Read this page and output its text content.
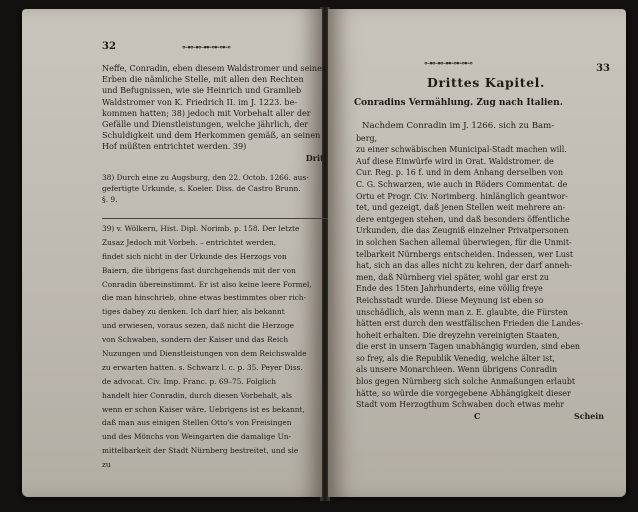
32	⊶⊶⊶⊷⊷⊷
Neffe, Conradin, eben diesem Waldstromer und seinen
Erben die nämliche Stelle, mit allen den Rechten
und Befugnissen, wie sie Heinrich und Gramlieb
Waldstromer von K. Friedrich II. im J. 1223. be-
kommen hatten; 38) jedoch mit Vorbehalt aller der
Gefälle und Dienstleistungen, welche jährlich, der
Schuldigkeit und dem Herkommen gemäß, an seinen
Hof müßten entrichtet werden. 39)
Drit-
38) Durch eine zu Augsburg, den 22. Octob. 1266. aus-
gefertigte Urkunde, s. Koeler. Diss. de Castro Brunn.
§. 9.
39) v. Wölkern, Hist. Dipl. Norimb. p. 158. Der letzte
Zusaz Jedoch mit Vorbeh. – entrichtet werden,
findet sich nicht in der Urkunde des Herzogs von
Baiern, die übrigens fast durchgehends mit der von
Conradin übereinstimmt. Er ist also keine leere Formel,
die man hinschrieb, ohne etwas bestimmtes ober rich-
tiges dabey zu denken. Ich darf hier, als bekannt
und erwiesen, voraus sezen, daß nicht die Herzoge
von Schwaben, sondern der Kaiser und das Reich
Nuzungen und Dienstleistungen von dem Reichswalde
zu erwarten hatten. s. Schwarz l. c. p. 35. Peyer Diss.
de advocat. Civ. Imp. Franc. p. 69–75. Folglich
handelt hier Conradin, durch diesen Vorbehalt, als
wenn er schon Kaiser wäre. Uebrigens ist es bekannt,
daß man aus einigen Stellen Otto's von Freisingen
und des Mönchs von Weingarten die damalige Un-
mittelbarkeit der Stadt Nürnberg bestreitet, und sie
zu
⊶⊶⊶⊷⊷⊷	33
Drittes Kapitel.
Conradins Vermählung. Zug nach Italien.
Nachdem Conradin im J. 1266. sich zu Bam-
berg,
zu einer schwäbischen Municipal-Stadt machen will.
Auf diese Einwürfe wird in Orat. Waldstromer. de
Cur. Reg. p. 16 f. und in dem Anhang derselben von
C. G. Schwarzen, wie auch in Röders Commentat. de
Ortu et Progr. Civ. Norimberg. hinlänglich geantwor-
tet, und gezeigt, daß jenen Stellen weit mehrere an-
dere entgegen stehen, und daß besonders öffentliche
Urkunden, die das Zeugniß einzelner Privatpersonen
in solchen Sachen allemal überwiegen, für die Unmit-
telbarkeit Nürnbergs entscheiden. Indessen, wer Lust
hat, sich an das alles nicht zu kehren, der darf anneh-
men, daß Nürnberg viel später, wohl gar erst zu
Ende des 15ten Jahrhunderts, eine völlig freye
Reichsstadt wurde. Diese Meynung ist eben so
unschädlich, als wenn man z. E. glaubte, die Fürsten
hätten erst durch den westfälischen Frieden die Landes-
hoheit erhalten. Die dreyzehn vereinigten Staaten,
die erst in unsern Tagen unabhängig wurden, sind eben
so frey, als die Republik Venedig, welche älter ist,
als unsere Monarchieen. Wenn übrigens Conradin
blos gegen Nürnberg sich solche Anmaßungen erlaubt
hätte, so würde die vorgegebene Abhängigkeit dieser
Stadt vom Herzogthum Schwaben doch etwas mehr
C	Schein
